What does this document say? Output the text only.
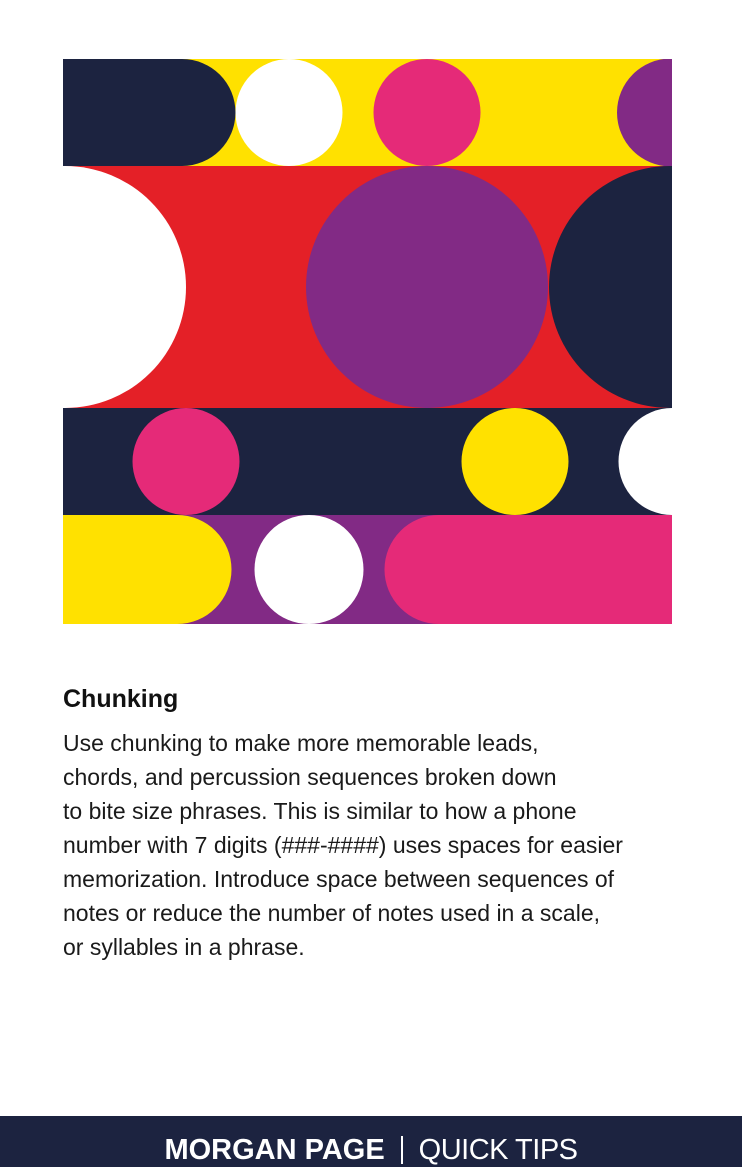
Chunking

Use chunking to make more memorable leads,
chords, and percussion sequences broken down
to bite size phrases. This is similar to how a phone
number with 7 digits (###-####) uses spaces for easier
memorization. Introduce space between sequences of
notes or reduce the number of notes used in a scale,
or syllables in a phrase.

MORGAN PAGE QUICK TIPS
